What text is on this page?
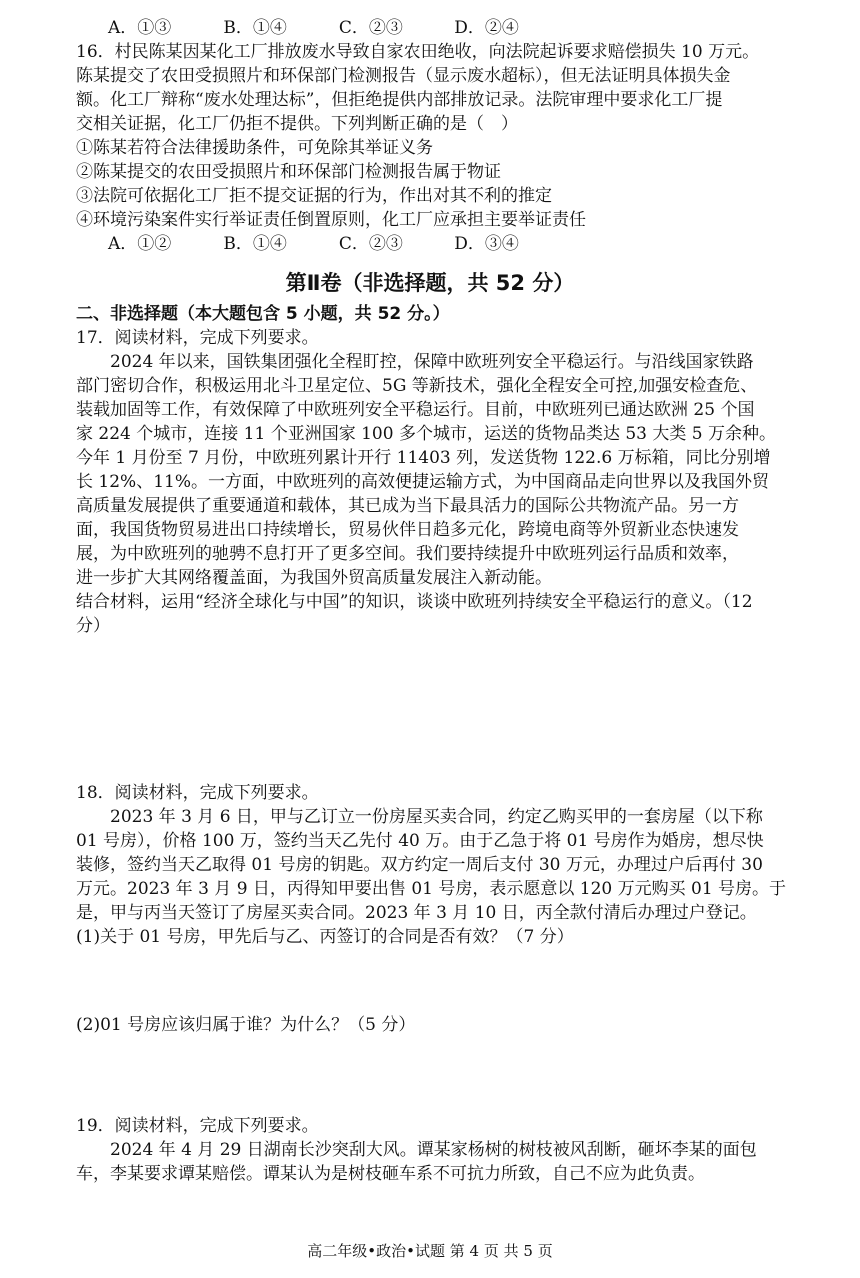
A．①③	B．①④	C．②③	D．②④

16．村民陈某因某化工厂排放废水导致自家农田绝收，向法院起诉要求赔偿损失 10 万元。

陈某提交了农田受损照片和环保部门检测报告（显示废水超标），但无法证明具体损失金

额。化工厂辩称“废水处理达标”，但拒绝提供内部排放记录。法院审理中要求化工厂提

交相关证据，化工厂仍拒不提供。下列判断正确的是（　）

①陈某若符合法律援助条件，可免除其举证义务

②陈某提交的农田受损照片和环保部门检测报告属于物证

③法院可依据化工厂拒不提交证据的行为，作出对其不利的推定

④环境污染案件实行举证责任倒置原则，化工厂应承担主要举证责任

A．①②	B．①④	C．②③	D．③④
第Ⅱ卷（非选择题，共 52 分）
二、非选择题（本大题包含 5 小题，共 52 分。）

17．阅读材料，完成下列要求。

　　2024 年以来，国铁集团强化全程盯控，保障中欧班列安全平稳运行。与沿线国家铁路

部门密切合作，积极运用北斗卫星定位、5G 等新技术，强化全程安全可控,加强安检查危、

装载加固等工作，有效保障了中欧班列安全平稳运行。目前，中欧班列已通达欧洲 25 个国

家 224 个城市，连接 11 个亚洲国家 100 多个城市，运送的货物品类达 53 大类 5 万余种。

今年 1 月份至 7 月份，中欧班列累计开行 11403 列，发送货物 122.6 万标箱，同比分别增

长 12%、11%。一方面，中欧班列的高效便捷运输方式，为中国商品走向世界以及我国外贸

高质量发展提供了重要通道和载体，其已成为当下最具活力的国际公共物流产品。另一方

面，我国货物贸易进出口持续增长，贸易伙伴日趋多元化，跨境电商等外贸新业态快速发

展，为中欧班列的驰骋不息打开了更多空间。我们要持续提升中欧班列运行品质和效率，

进一步扩大其网络覆盖面，为我国外贸高质量发展注入新动能。

结合材料，运用“经济全球化与中国”的知识，谈谈中欧班列持续安全平稳运行的意义。（12

分）

18．阅读材料，完成下列要求。

　　2023 年 3 月 6 日，甲与乙订立一份房屋买卖合同，约定乙购买甲的一套房屋（以下称

01 号房），价格 100 万，签约当天乙先付 40 万。由于乙急于将 01 号房作为婚房，想尽快

装修，签约当天乙取得 01 号房的钥匙。双方约定一周后支付 30 万元，办理过户后再付 30

万元。2023 年 3 月 9 日，丙得知甲要出售 01 号房，表示愿意以 120 万元购买 01 号房。于

是，甲与丙当天签订了房屋买卖合同。2023 年 3 月 10 日，丙全款付清后办理过户登记。

(1)关于 01 号房，甲先后与乙、丙签订的合同是否有效？（7 分）

(2)01 号房应该归属于谁？为什么？（5 分）

19．阅读材料，完成下列要求。

　　2024 年 4 月 29 日湖南长沙突刮大风。谭某家杨树的树枝被风刮断，砸坏李某的面包

车，李某要求谭某赔偿。谭某认为是树枝砸车系不可抗力所致，自己不应为此负责。

高二年级•政治•试题 第 4 页 共 5 页
